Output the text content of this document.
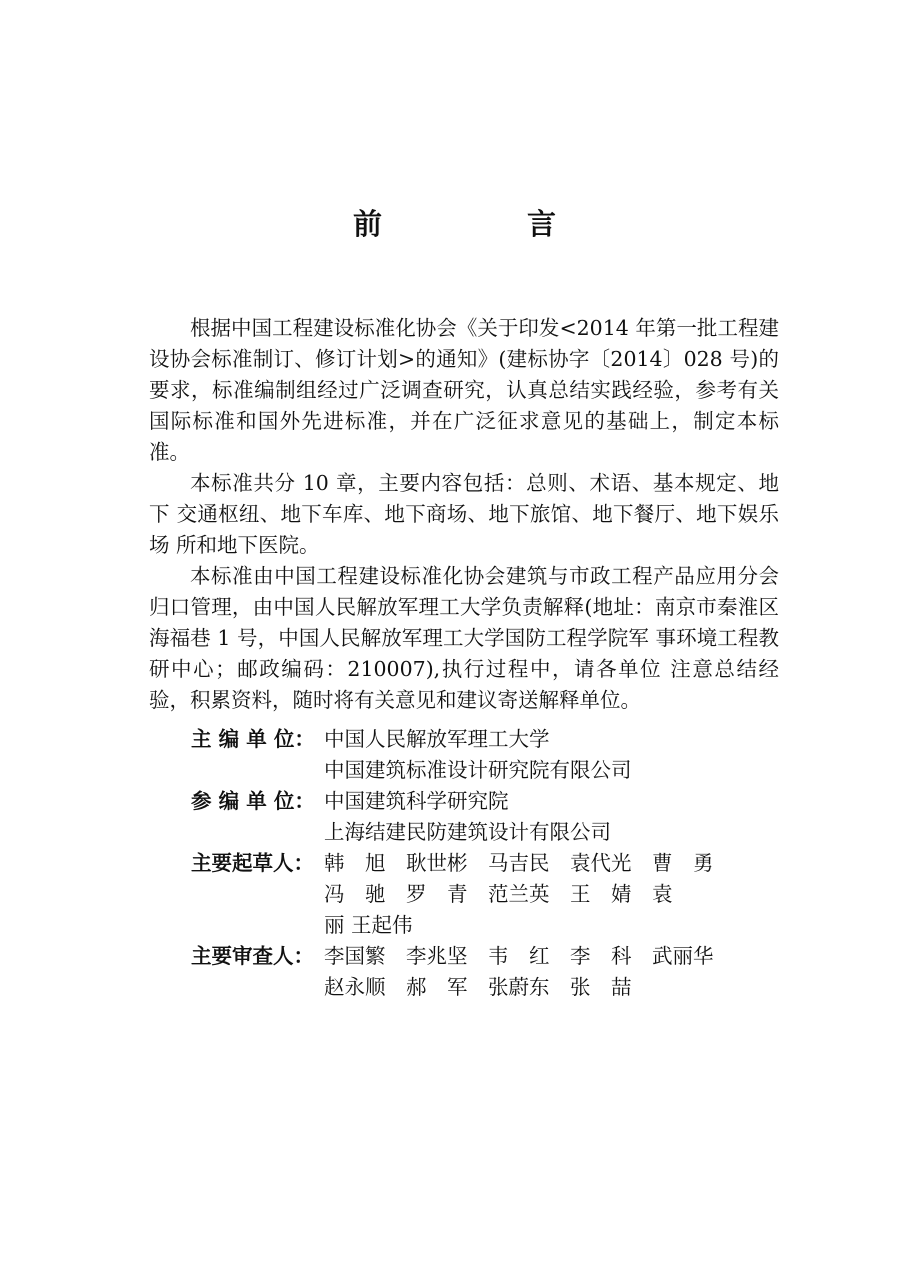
前　言

根据中国工程建设标准化协会《关于印发<2014 年第一批工程建设协会标准制订、修订计划>的通知》(建标协字〔2014〕028 号)的要求，标准编制组经过广泛调查研究，认真总结实践经验，参考有关国际标准和国外先进标准，并在广泛征求意见的基础上，制定本标准。

本标准共分 10 章，主要内容包括：总则、术语、基本规定、地下 交通枢纽、地下车库、地下商场、地下旅馆、地下餐厅、地下娱乐场 所和地下医院。

本标准由中国工程建设标准化协会建筑与市政工程产品应用分会归口管理，由中国人民解放军理工大学负责解释(地址：南京市秦淮区海福巷 1 号，中国人民解放军理工大学国防工程学院军 事环境工程教研中心；邮政编码：210007),执行过程中，请各单位 注意总结经验，积累资料，随时将有关意见和建议寄送解释单位。

主 编 单 位： 中国人民解放军理工大学
中国建筑标准设计研究院有限公司
参 编 单 位： 中国建筑科学研究院
上海结建民防建筑设计有限公司
主要起草人： 韩　旭　耿世彬　马吉民　袁代光　曹　勇
冯　驰　罗　青　范兰英　王　婧　袁
丽 王起伟
主要审查人： 李国繁　李兆坚　韦　红　李　科　武丽华
赵永顺　郝　军　张蔚东　张　喆
